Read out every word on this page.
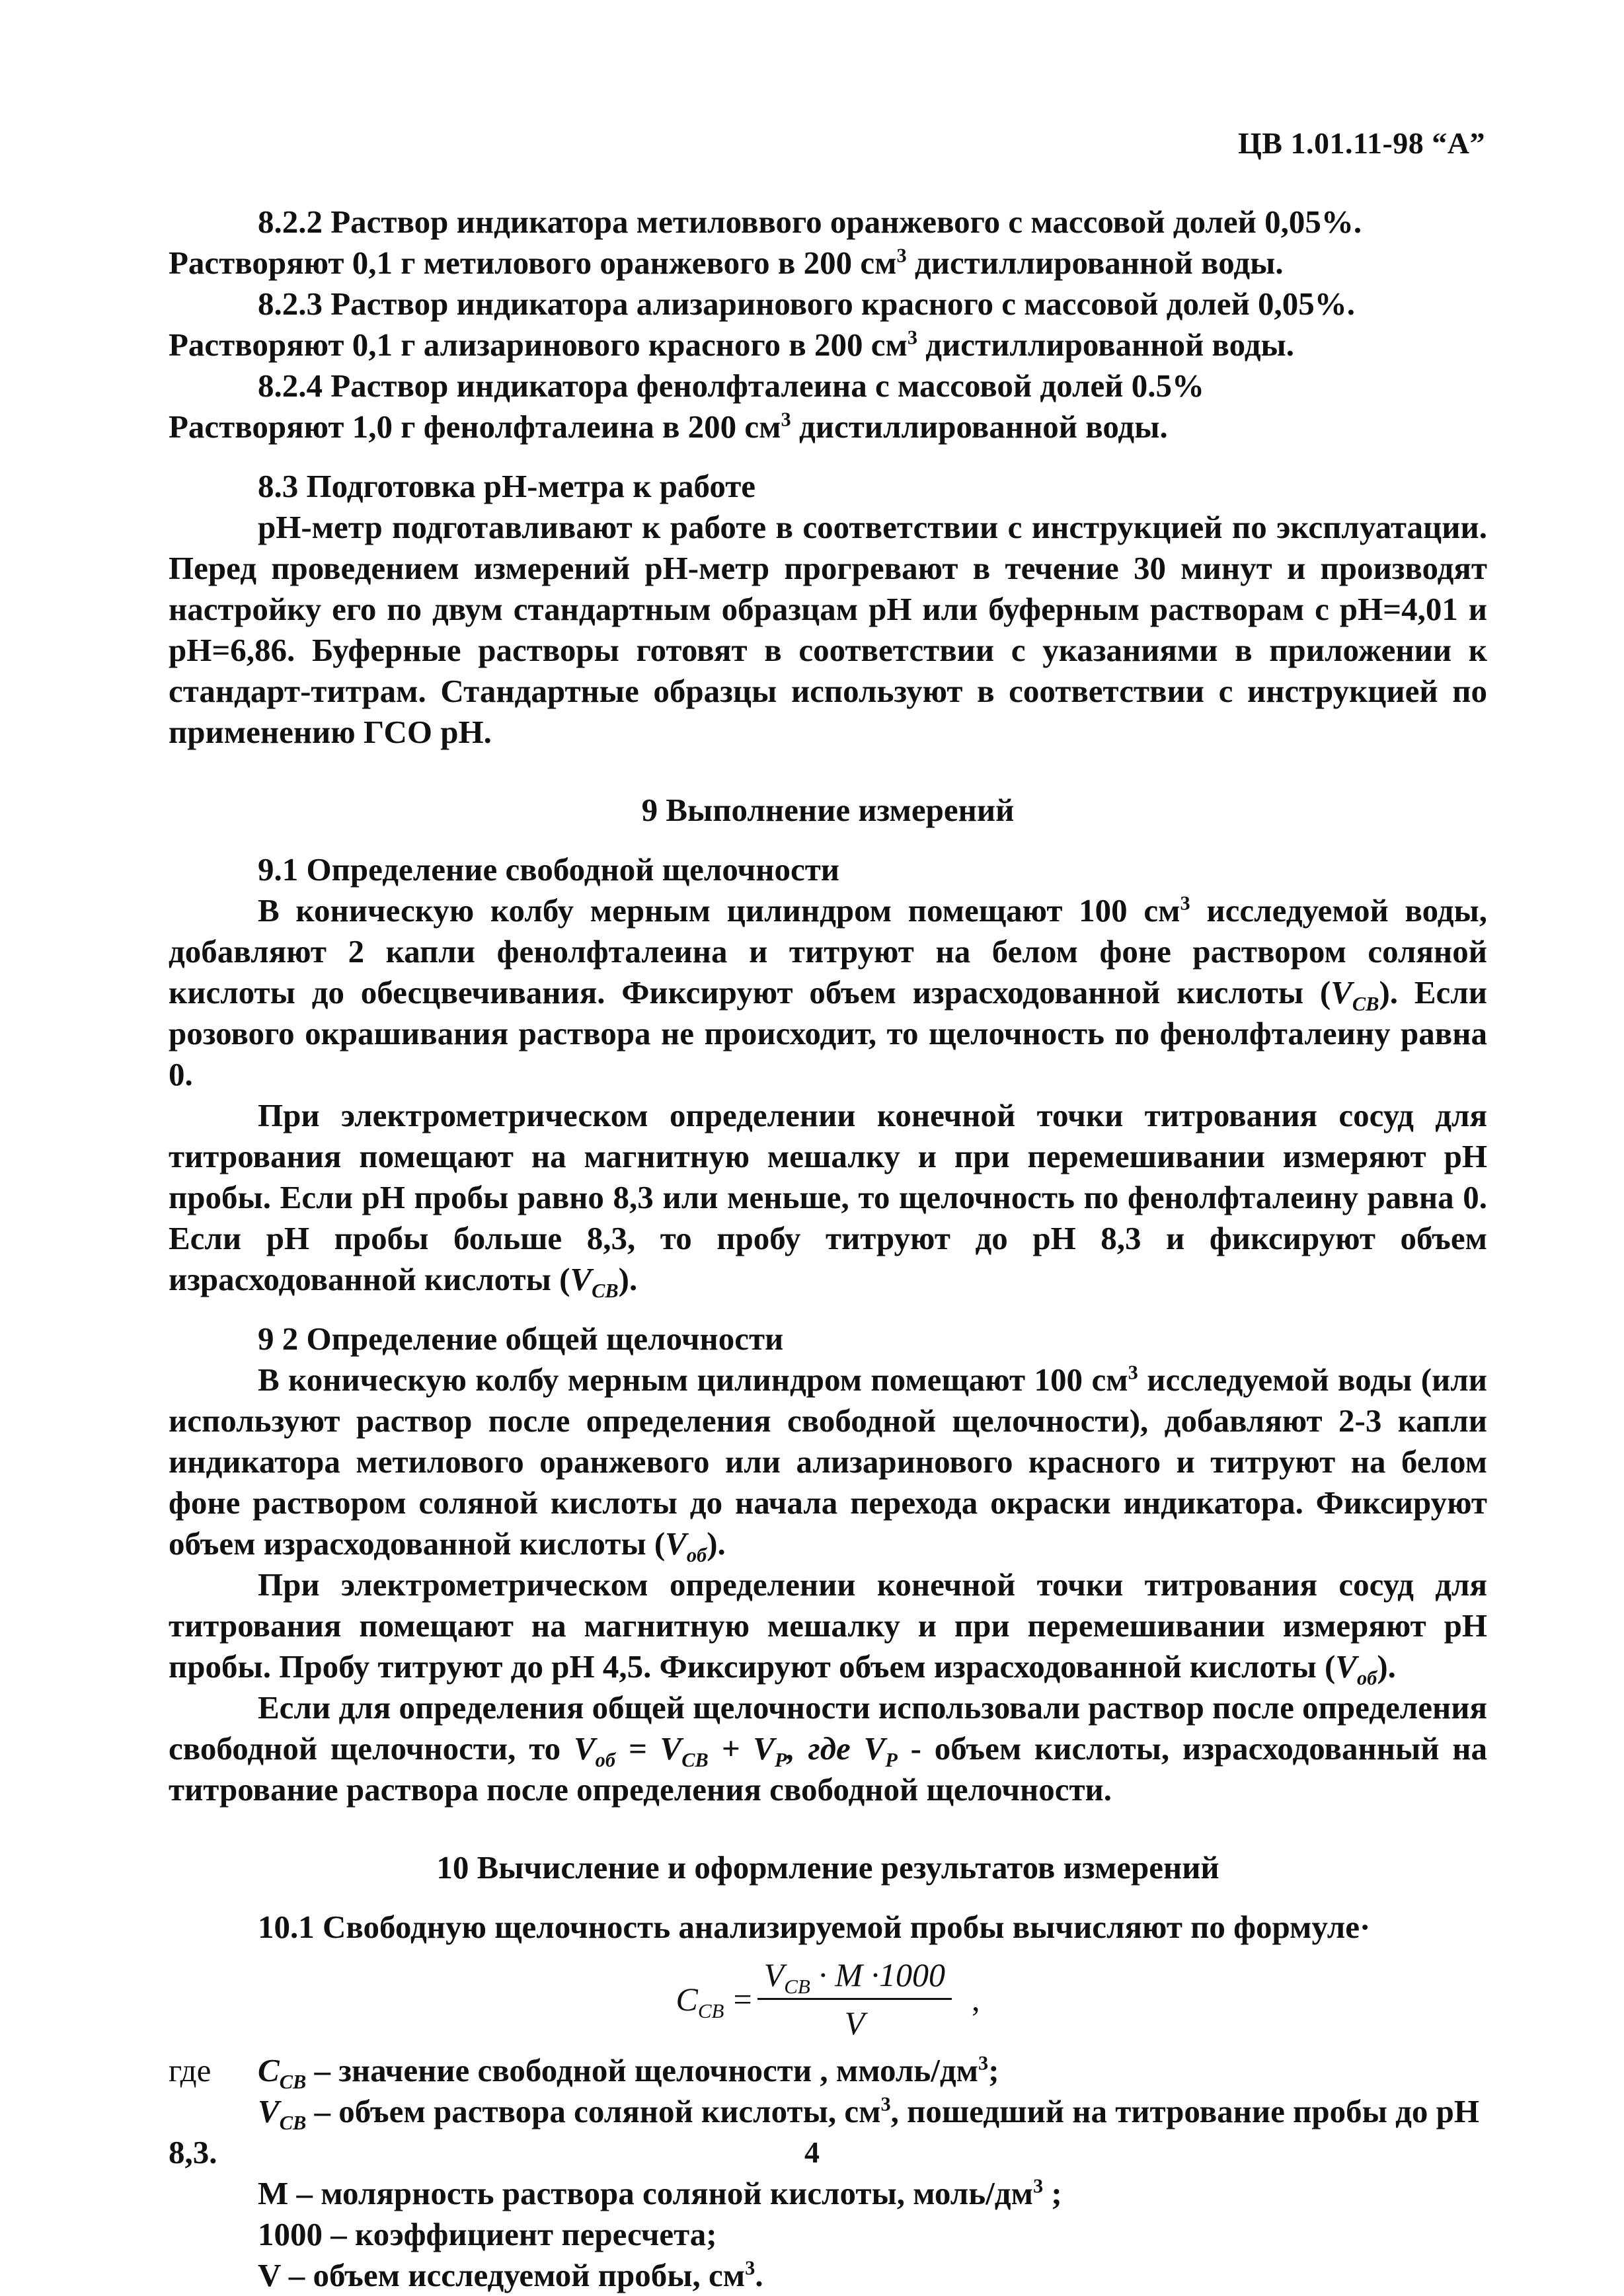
ЦВ 1.01.11-98 “А”

8.2.2 Раствор индикатора метиловвого оранжевого с массовой долей 0,05%.

Растворяют 0,1 г метилового оранжевого в 200 $см^3$ дистиллированной воды.

8.2.3 Раствор индикатора ализаринового красного с массовой долей 0,05%.

Растворяют 0,1 г ализаринового красного в 200 $см^3$ дистиллированной воды.

8.2.4 Раствор индикатора фенолфталеина с массовой долей 0.5%

Растворяют 1,0 г фенолфталеина в 200 $см^3$ дистиллированной воды.

8.3 Подготовка рН-метра к работе

рН-метр подготавливают к работе в соответствии с инструкцией по эксплуатации. Перед проведением измерений рН-метр прогревают в течение 30 минут и производят настройку его по двум стандартным образцам рН или буферным растворам с рН=4,01 и рН=6,86. Буферные растворы готовят в соответствии с указаниями в приложении к стандарт-титрам. Стандартные образцы используют в соответствии с инструкцией по применению ГСО рН.

9 Выполнение измерений

9.1 Определение свободной щелочности

В коническую колбу мерным цилиндром помещают 100 $см^3$ исследуемой воды, добавляют 2 капли фенолфталеина и титруют на белом фоне раствором соляной кислоты до обесцвечивания. Фиксируют объем израсходованной кислоты $(V_{CB})$. Если розового окрашивания раствора не происходит, то щелочность по фенолфталеину равна 0.

При электрометрическом определении конечной точки титрования сосуд для титрования помещают на магнитную мешалку и при перемешивании измеряют рН пробы. Если рН пробы равно 8,3 или меньше, то щелочность по фенолфталеину равна 0. Если рН пробы больше 8,3, то пробу титруют до рН 8,3 и фиксируют объем израсходованной кислоты $(V_{CB})$.

9 2 Определение общей щелочности

В коническую колбу мерным цилиндром помещают 100 $см^3$ исследуемой воды (или используют раствор после определения свободной щелочности), добавляют 2-3 капли индикатора метилового оранжевого или ализаринового красного и титруют на белом фоне раствором соляной кислоты до начала перехода окраски индикатора. Фиксируют объем израсходованной кислоты $(V_{об})$.

При электрометрическом определении конечной точки титрования сосуд для титрования помещают на магнитную мешалку и при перемешивании измеряют рН пробы. Пробу титруют до рН 4,5. Фиксируют объем израсходованной кислоты $(V_{об})$.

Если для определения общей щелочности использовали раствор после определения свободной щелочности, то $V_{об} = V_{CB} + V_P$, где $V_P$ - объем кислоты, израсходованный на титрование раствора после определения свободной щелочности.

10 Вычисление и оформление результатов измерений

10.1 Свободную щелочность анализируемой пробы вычисляют по формуле·

$C_{CB} = \frac{V_{CB} \cdot M \cdot 1000}{V}$ ,
где	$C_{CB}$ – значение свободной щелочности , ммоль/$дм^3$;

$V_{CB}$ – объем раствора соляной кислоты, $см^3$, пошедший на титрование пробы до рН

8,3.

М – молярность раствора соляной кислоты, моль/$дм^3$ ;

1000 – коэффициент пересчета;

V – объем исследуемой пробы, $см^3$.

4
